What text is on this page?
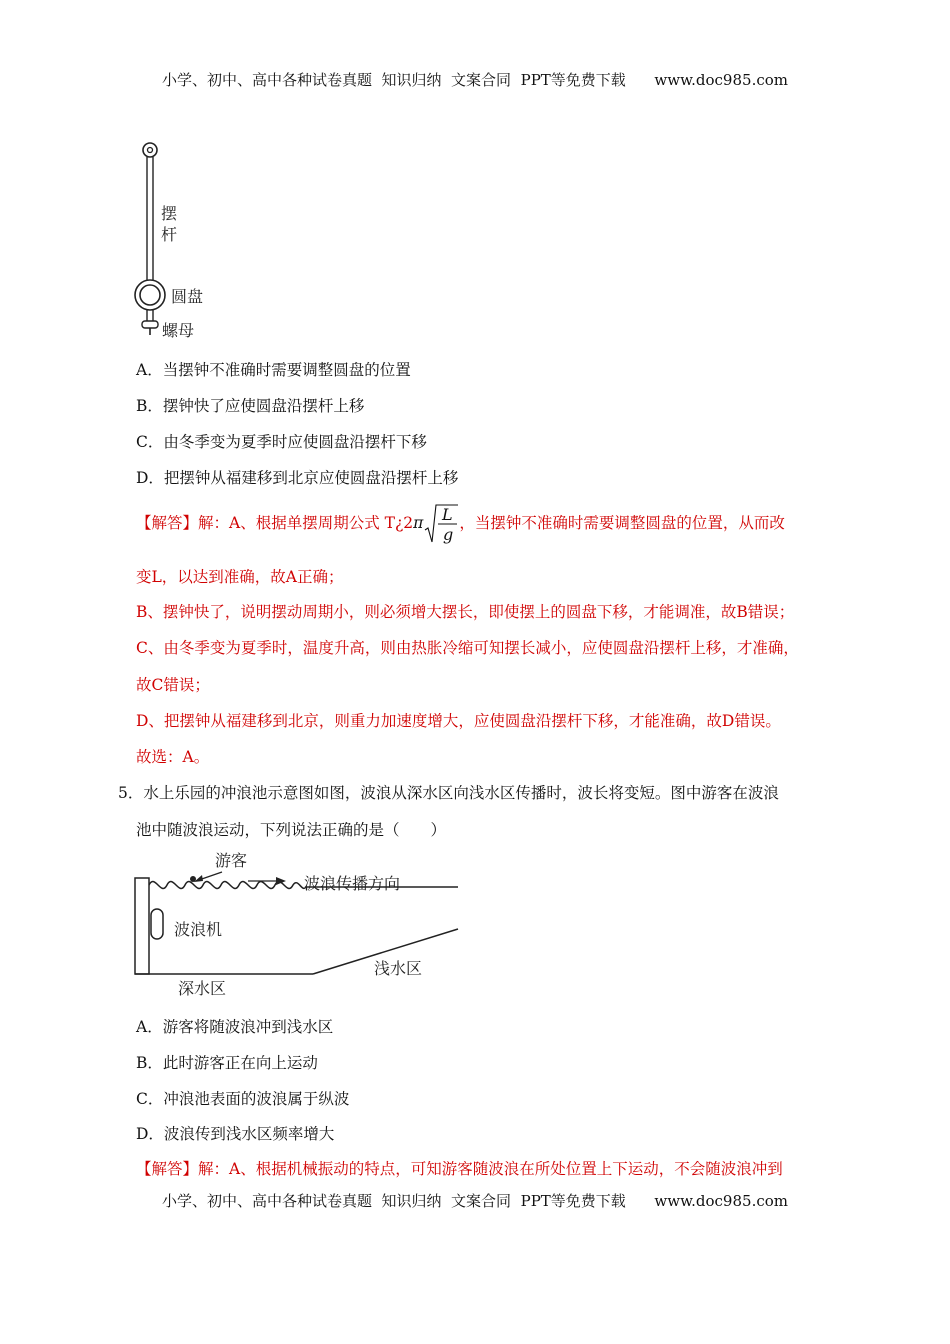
小学、初中、高中各种试卷真题  知识归纳  文案合同  PPT等免费下载      www.doc985.com
摆
杆
圆盘
螺母
A．当摆钟不准确时需要调整圆盘的位置
B．摆钟快了应使圆盘沿摆杆上移
C．由冬季变为夏季时应使圆盘沿摆杆下移
D．把摆钟从福建移到北京应使圆盘沿摆杆上移
【解答】解：A、根据单摆周期公式 T¿2π L
g
，当摆钟不准确时需要调整圆盘的位置，从而改
变L，以达到准确，故A正确；
B、摆钟快了，说明摆动周期小，则必须增大摆长，即使摆上的圆盘下移，才能调准，故B错误；
C、由冬季变为夏季时，温度升高，则由热胀冷缩可知摆长减小，应使圆盘沿摆杆上移，才准确，
故C错误；
D、把摆钟从福建移到北京，则重力加速度增大，应使圆盘沿摆杆下移，才能准确，故D错误。
故选：A。
5．水上乐园的冲浪池示意图如图，波浪从深水区向浅水区传播时，波长将变短。图中游客在波浪
池中随波浪运动，下列说法正确的是（　　）
游客
波浪传播方向
波浪机
浅水区
深水区
A．游客将随波浪冲到浅水区
B．此时游客正在向上运动
C．冲浪池表面的波浪属于纵波
D．波浪传到浅水区频率增大
【解答】解：A、根据机械振动的特点，可知游客随波浪在所处位置上下运动，不会随波浪冲到
小学、初中、高中各种试卷真题  知识归纳  文案合同  PPT等免费下载      www.doc985.com
